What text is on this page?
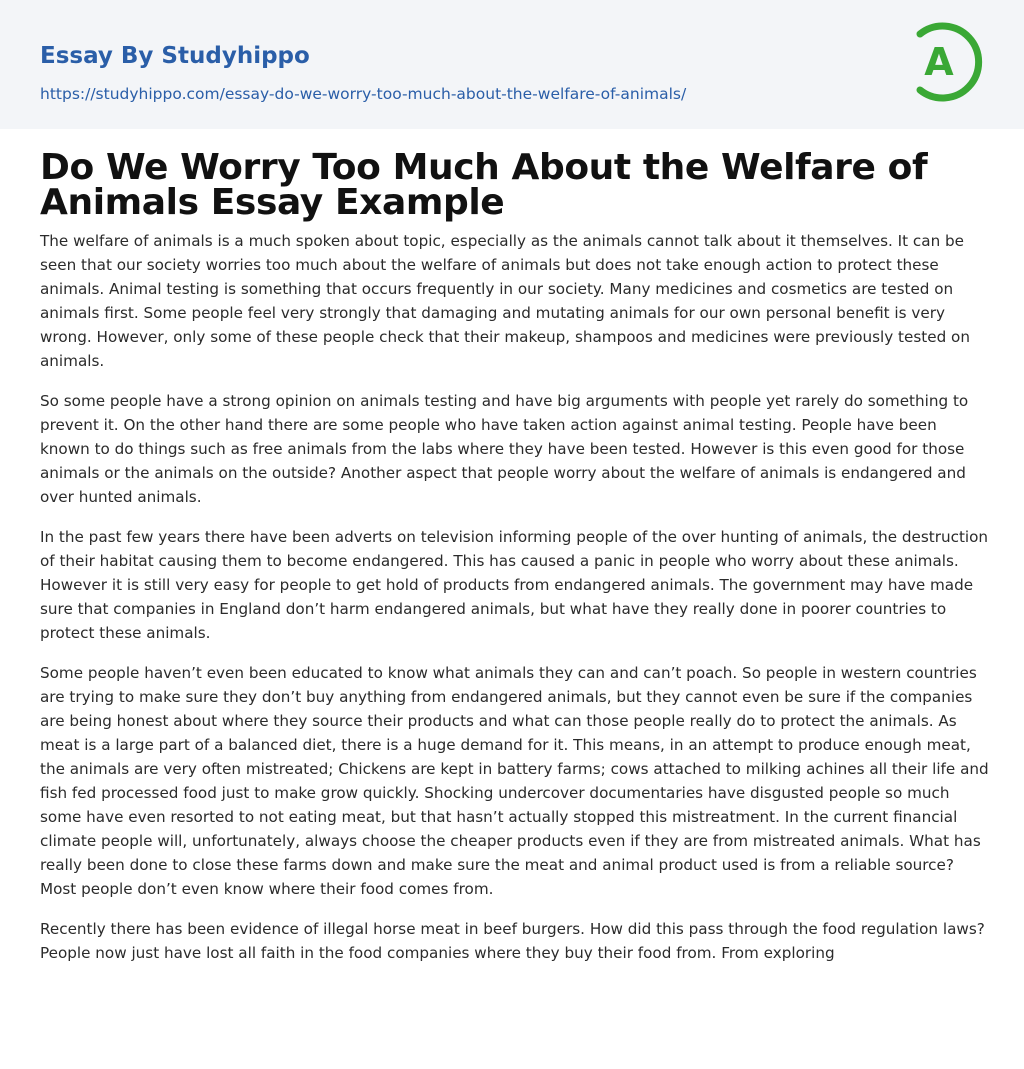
Essay By Studyhippo
https://studyhippo.com/essay-do-we-worry-too-much-about-the-welfare-of-animals/
A
Do We Worry Too Much About the Welfare of Animals Essay Example

The welfare of animals is a much spoken about topic, especially as the animals cannot talk about it themselves. It can be seen that our society worries too much about the welfare of animals but does not take enough action to protect these animals. Animal testing is something that occurs frequently in our society. Many medicines and cosmetics are tested on animals first. Some people feel very strongly that damaging and mutating animals for our own personal benefit is very wrong. However, only some of these people check that their makeup, shampoos and medicines were previously tested on animals.

So some people have a strong opinion on animals testing and have big arguments with people yet rarely do something to prevent it. On the other hand there are some people who have taken action against animal testing. People have been known to do things such as free animals from the labs where they have been tested. However is this even good for those animals or the animals on the outside? Another aspect that people worry about the welfare of animals is endangered and over hunted animals.

In the past few years there have been adverts on television informing people of the over hunting of animals, the destruction of their habitat causing them to become endangered. This has caused a panic in people who worry about these animals. However it is still very easy for people to get hold of products from endangered animals. The government may have made sure that companies in England don’t harm endangered animals, but what have they really done in poorer countries to protect these animals.

Some people haven’t even been educated to know what animals they can and can’t poach. So people in western countries are trying to make sure they don’t buy anything from endangered animals, but they cannot even be sure if the companies are being honest about where they source their products and what can those people really do to protect the animals. As meat is a large part of a balanced diet, there is a huge demand for it. This means, in an attempt to produce enough meat, the animals are very often mistreated; Chickens are kept in battery farms; cows attached to milking achines all their life and fish fed processed food just to make grow quickly. Shocking undercover documentaries have disgusted people so much some have even resorted to not eating meat, but that hasn’t actually stopped this mistreatment. In the current financial climate people will, unfortunately, always choose the cheaper products even if they are from mistreated animals. What has really been done to close these farms down and make sure the meat and animal product used is from a reliable source? Most people don’t even know where their food comes from.

Recently there has been evidence of illegal horse meat in beef burgers. How did this pass through the food regulation laws? People now just have lost all faith in the food companies where they buy their food from. From exploring
